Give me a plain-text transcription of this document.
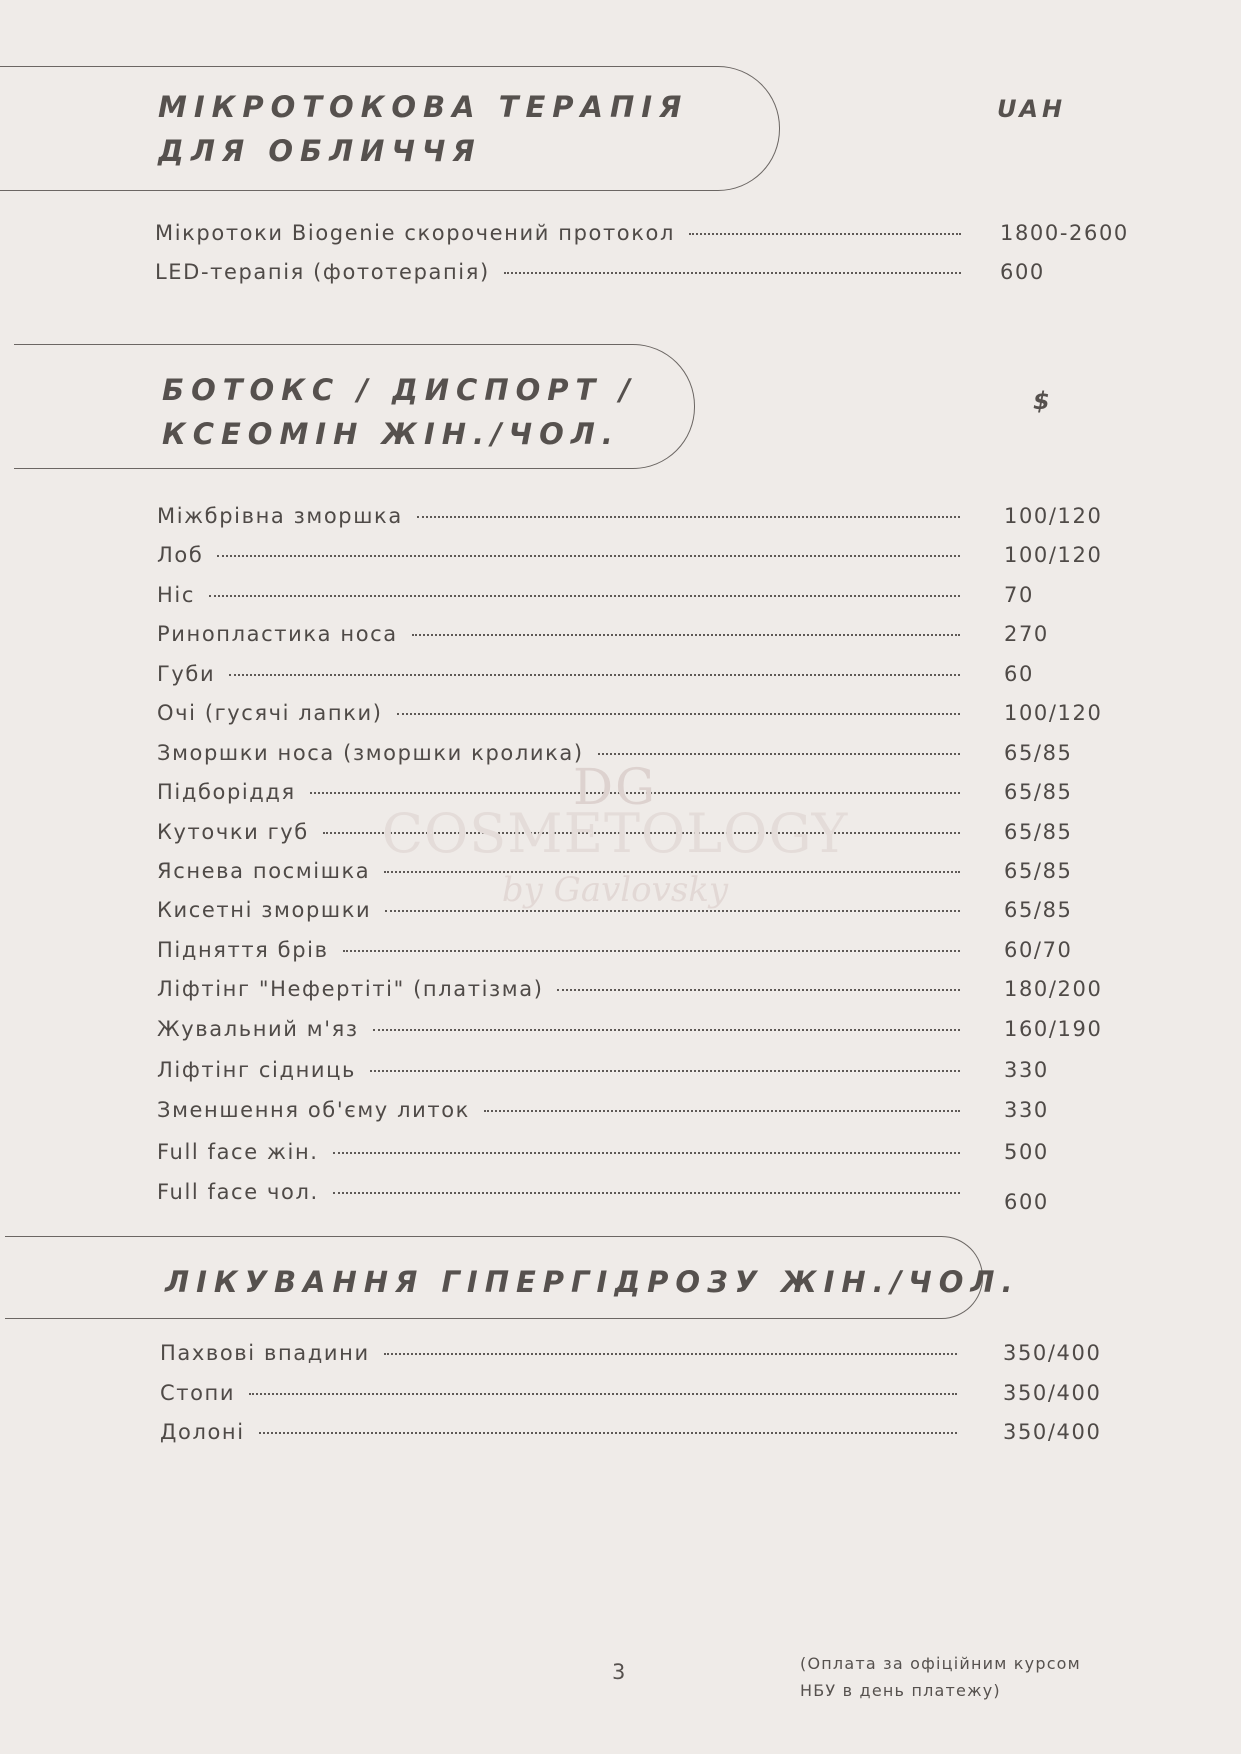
МІКРОТОКОВА ТЕРАПІЯ
ДЛЯ ОБЛИЧЧЯ
UAH
Мікротоки Biogenie скорочений протокол	1800-2600
LED-терапія (фототерапія)	600
БОТОКС / ДИСПОРТ /
КСЕОМІН ЖІН./ЧОЛ.
$
Міжбрівна зморшка	100/120
Лоб	100/120
Ніс	70
Ринопластика носа	270
Губи	60
Очі (гусячі лапки)	100/120
Зморшки носа (зморшки кролика)	65/85
Підборіддя	65/85
Куточки губ	65/85
Яснева посмішка	65/85
Кисетні зморшки	65/85
Підняття брів	60/70
Ліфтінг "Нефертіті" (платізма)	180/200
Жувальний м'яз	160/190
Ліфтінг сідниць	330
Зменшення об'єму литок	330
Full face жін.	500
Full face чол.	600
ЛІКУВАННЯ ГІПЕРГІДРОЗУ ЖІН./ЧОЛ.
Пахвові впадини	350/400
Стопи	350/400
Долоні	350/400
DG
COSMETOLOGY
by Gavlovsky
3	(Оплата за офіційним курсом
НБУ в день платежу)
